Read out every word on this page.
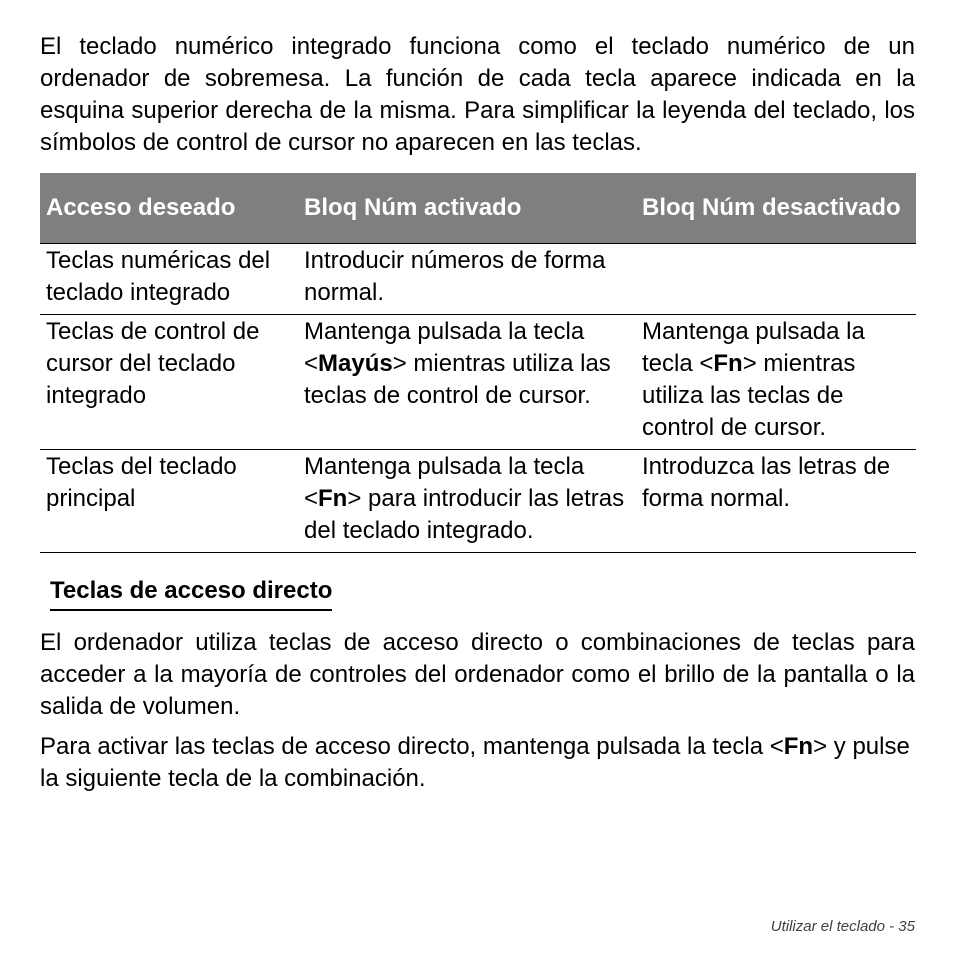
El teclado numérico integrado funciona como el teclado numérico de un ordenador de sobremesa. La función de cada tecla aparece indicada en la esquina superior derecha de la misma. Para simplificar la leyenda del teclado, los símbolos de control de cursor no aparecen en las teclas.

Acceso deseado	Bloq Núm activado	Bloq Núm desactivado
Teclas numéricas del teclado integrado	Introducir números de forma normal.	
Teclas de control de cursor del teclado integrado	Mantenga pulsada la tecla <Mayús> mientras utiliza las teclas de control de cursor.	Mantenga pulsada la tecla <Fn> mientras utiliza las teclas de control de cursor.
Teclas del teclado principal	Mantenga pulsada la tecla <Fn> para introducir las letras del teclado integrado.	Introduzca las letras de forma normal.
Teclas de acceso directo

El ordenador utiliza teclas de acceso directo o combinaciones de teclas para acceder a la mayoría de controles del ordenador como el brillo de la pantalla o la salida de volumen.

Para activar las teclas de acceso directo, mantenga pulsada la tecla <Fn> y pulse la siguiente tecla de la combinación.

Utilizar el teclado - 35
